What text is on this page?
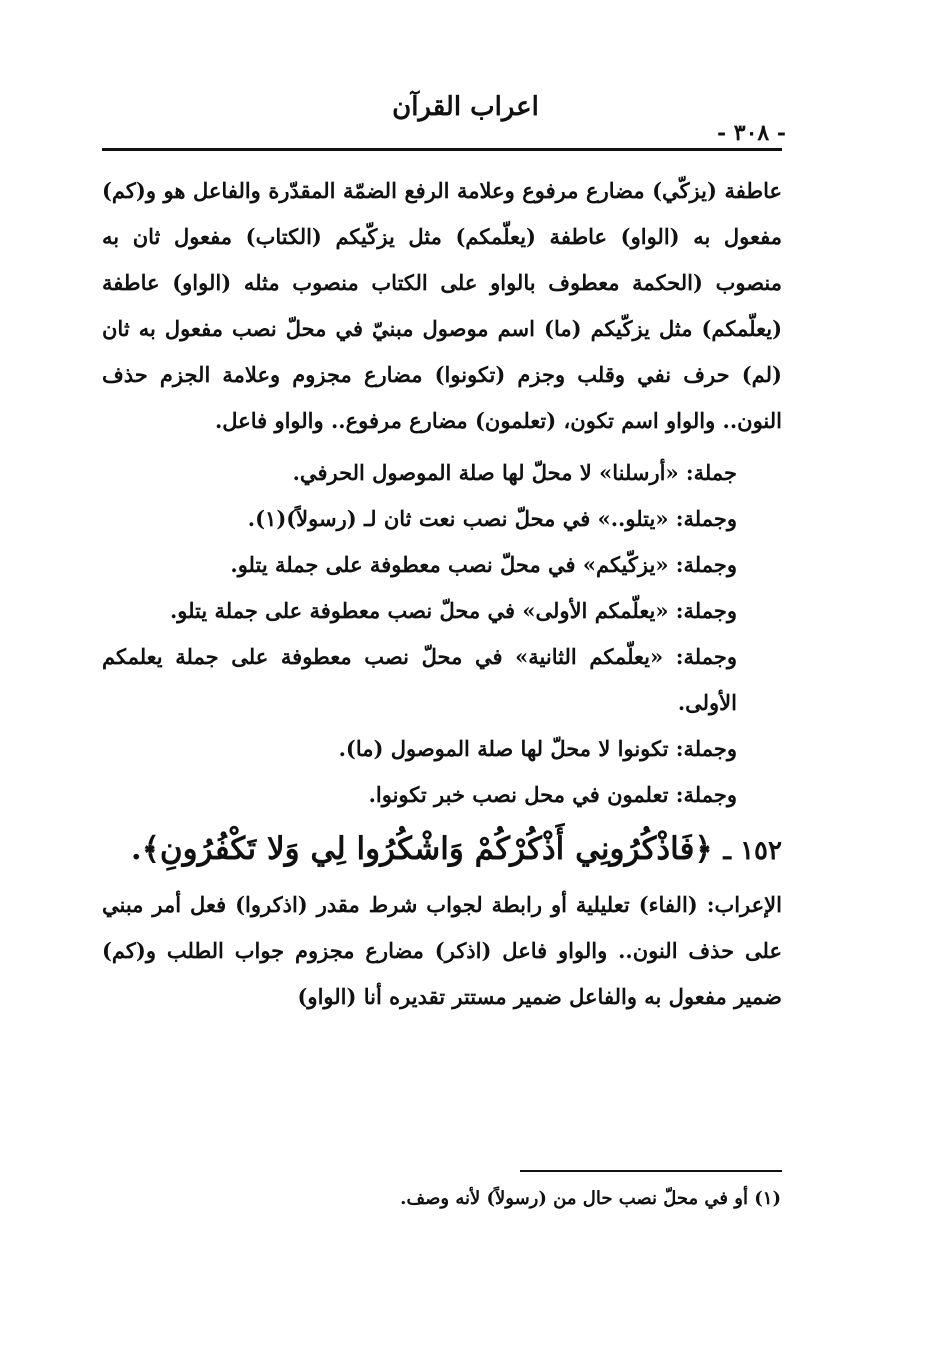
اعراب القرآن
- ٣٠٨ -

عاطفة (يزكّي) مضارع مرفوع وعلامة الرفع الضمّة المقدّرة والفاعل هو و(كم) مفعول به (الواو) عاطفة (يعلّمكم) مثل يزكّيكم (الكتاب) مفعول ثان به منصوب (الحكمة معطوف بالواو على الكتاب منصوب مثله (الواو) عاطفة (يعلّمكم) مثل يزكّيكم (ما) اسم موصول مبنيّ في محلّ نصب مفعول به ثان (لم) حرف نفي وقلب وجزم (تكونوا) مضارع مجزوم وعلامة الجزم حذف النون.. والواو اسم تكون، (تعلمون) مضارع مرفوع.. والواو فاعل.

جملة: «أرسلنا» لا محلّ لها صلة الموصول الحرفي.

وجملة: «يتلو..» في محلّ نصب نعت ثان لـ (رسولاً)(١).

وجملة: «يزكّيكم» في محلّ نصب معطوفة على جملة يتلو.

وجملة: «يعلّمكم الأولى» في محلّ نصب معطوفة على جملة يتلو.

وجملة: «يعلّمكم الثانية» في محلّ نصب معطوفة على جملة يعلمكم الأولى.

وجملة: تكونوا لا محلّ لها صلة الموصول (ما).

وجملة: تعلمون في محل نصب خبر تكونوا.

١٥٢ ـ ﴿فَاذْكُرُونِي أَذْكُرْكُمْ وَاشْكُرُوا لِي وَلا تَكْفُرُونِ﴾.

الإعراب: (الفاء) تعليلية أو رابطة لجواب شرط مقدر (اذكروا) فعل أمر مبني على حذف النون.. والواو فاعل (اذكر) مضارع مجزوم جواب الطلب و(كم) ضمير مفعول به والفاعل ضمير مستتر تقديره أنا (الواو)

(١) أو في محلّ نصب حال من (رسولاً) لأنه وصف.
